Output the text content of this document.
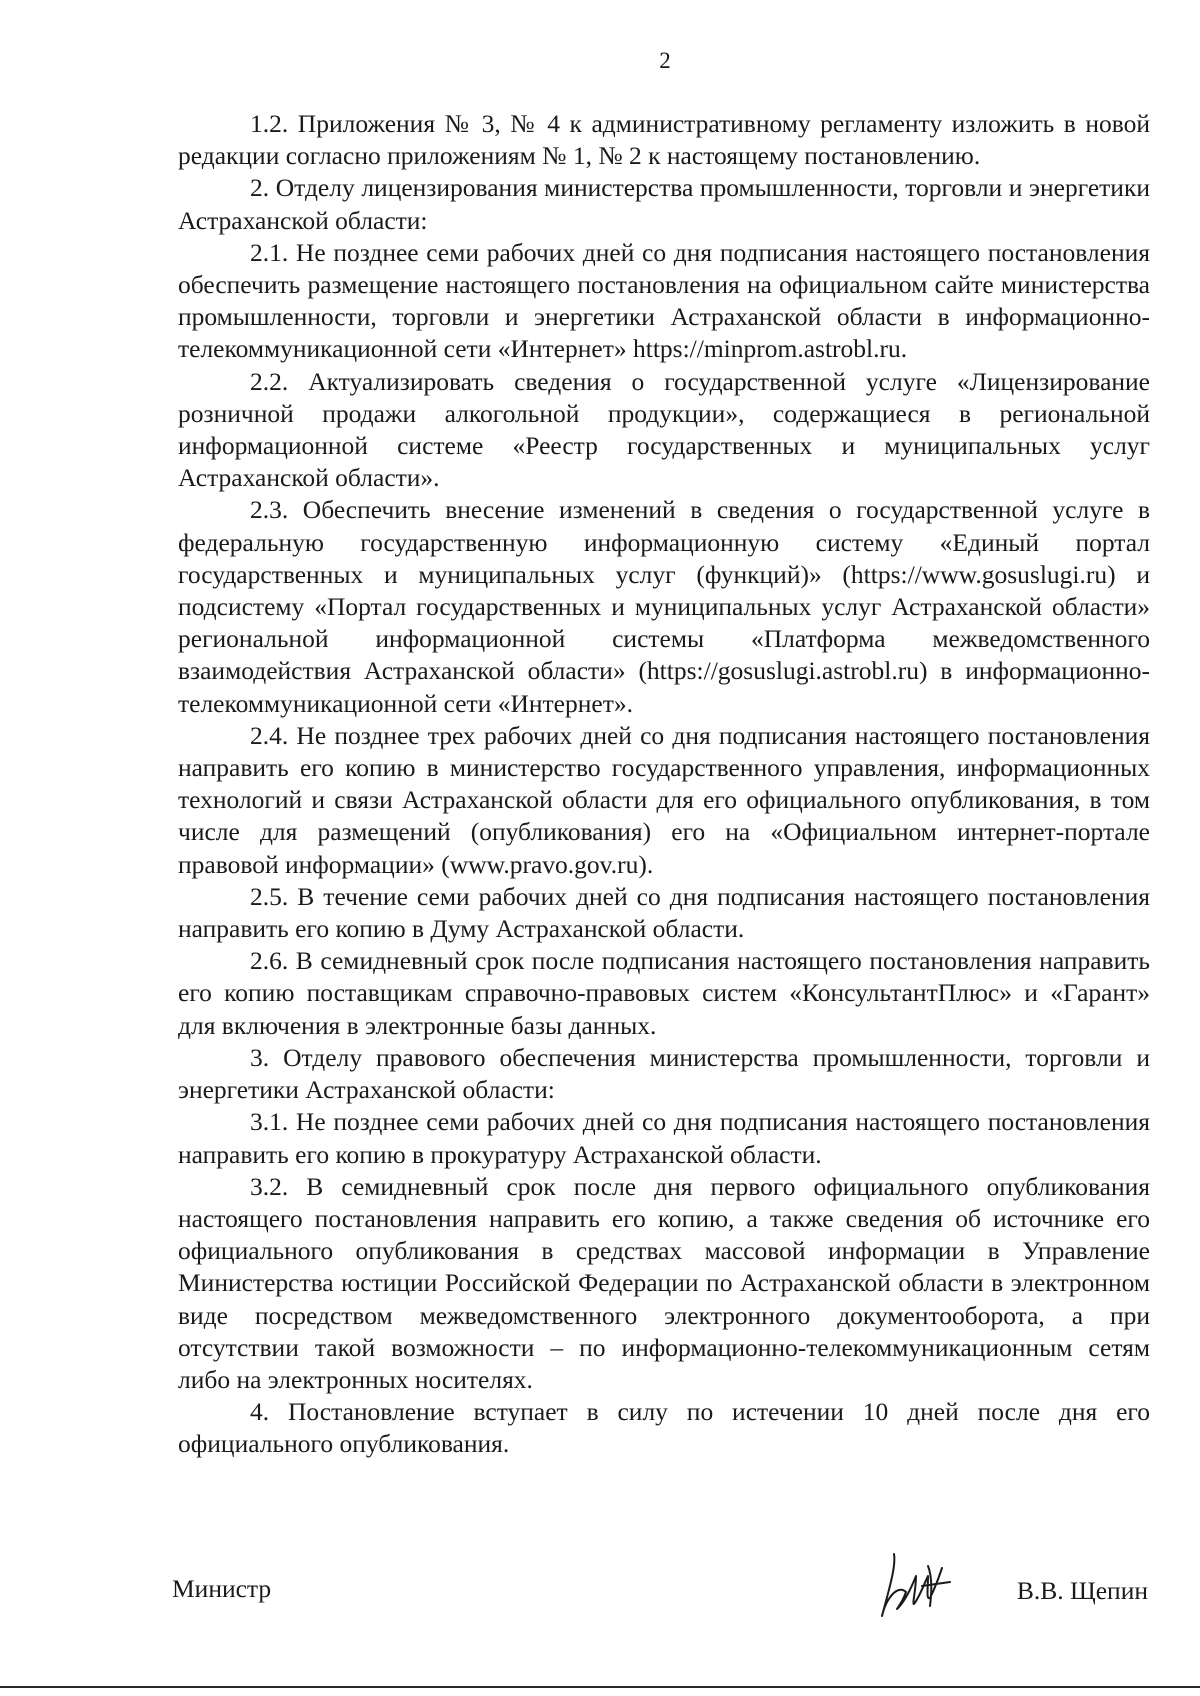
2

1.2. Приложения № 3, № 4 к административному регламенту изложить в новой редакции согласно приложениям № 1, № 2 к настоящему постановлению.

2. Отделу лицензирования министерства промышленности, торговли и энергетики Астраханской области:

2.1. Не позднее семи рабочих дней со дня подписания настоящего постановления обеспечить размещение настоящего постановления на официальном сайте министерства промышленности, торговли и энергетики Астраханской области в информационно-телекоммуникационной сети «Интернет» https://minprom.astrobl.ru.

2.2. Актуализировать сведения о государственной услуге «Лицензирование розничной продажи алкогольной продукции», содержащиеся в региональной информационной системе «Реестр государственных и муниципальных услуг Астраханской области».

2.3. Обеспечить внесение изменений в сведения о государственной услуге в федеральную государственную информационную систему «Единый портал государственных и муниципальных услуг (функций)» (https://www.gosuslugi.ru) и подсистему «Портал государственных и муниципальных услуг Астраханской области» региональной информационной системы «Платформа межведомственного взаимодействия Астраханской области» (https://gosuslugi.astrobl.ru) в информационно-телекоммуникационной сети «Интернет».

2.4. Не позднее трех рабочих дней со дня подписания настоящего постановления направить его копию в министерство государственного управления, информационных технологий и связи Астраханской области для его официального опубликования, в том числе для размещений (опубликования) его на «Официальном интернет-портале правовой информации» (www.pravo.gov.ru).

2.5. В течение семи рабочих дней со дня подписания настоящего постановления направить его копию в Думу Астраханской области.

2.6. В семидневный срок после подписания настоящего постановления направить его копию поставщикам справочно-правовых систем «КонсультантПлюс» и «Гарант» для включения в электронные базы данных.

3. Отделу правового обеспечения министерства промышленности, торговли и энергетики Астраханской области:

3.1. Не позднее семи рабочих дней со дня подписания настоящего постановления направить его копию в прокуратуру Астраханской области.

3.2. В семидневный срок после дня первого официального опубликования настоящего постановления направить его копию, а также сведения об источнике его официального опубликования в средствах массовой информации в Управление Министерства юстиции Российской Федерации по Астраханской области в электронном виде посредством межведомственного электронного документооборота, а при отсутствии такой возможности – по информационно-телекоммуникационным сетям либо на электронных носителях.

4. Постановление вступает в силу по истечении 10 дней после дня его официального опубликования.

Министр	В.В. Щепин
